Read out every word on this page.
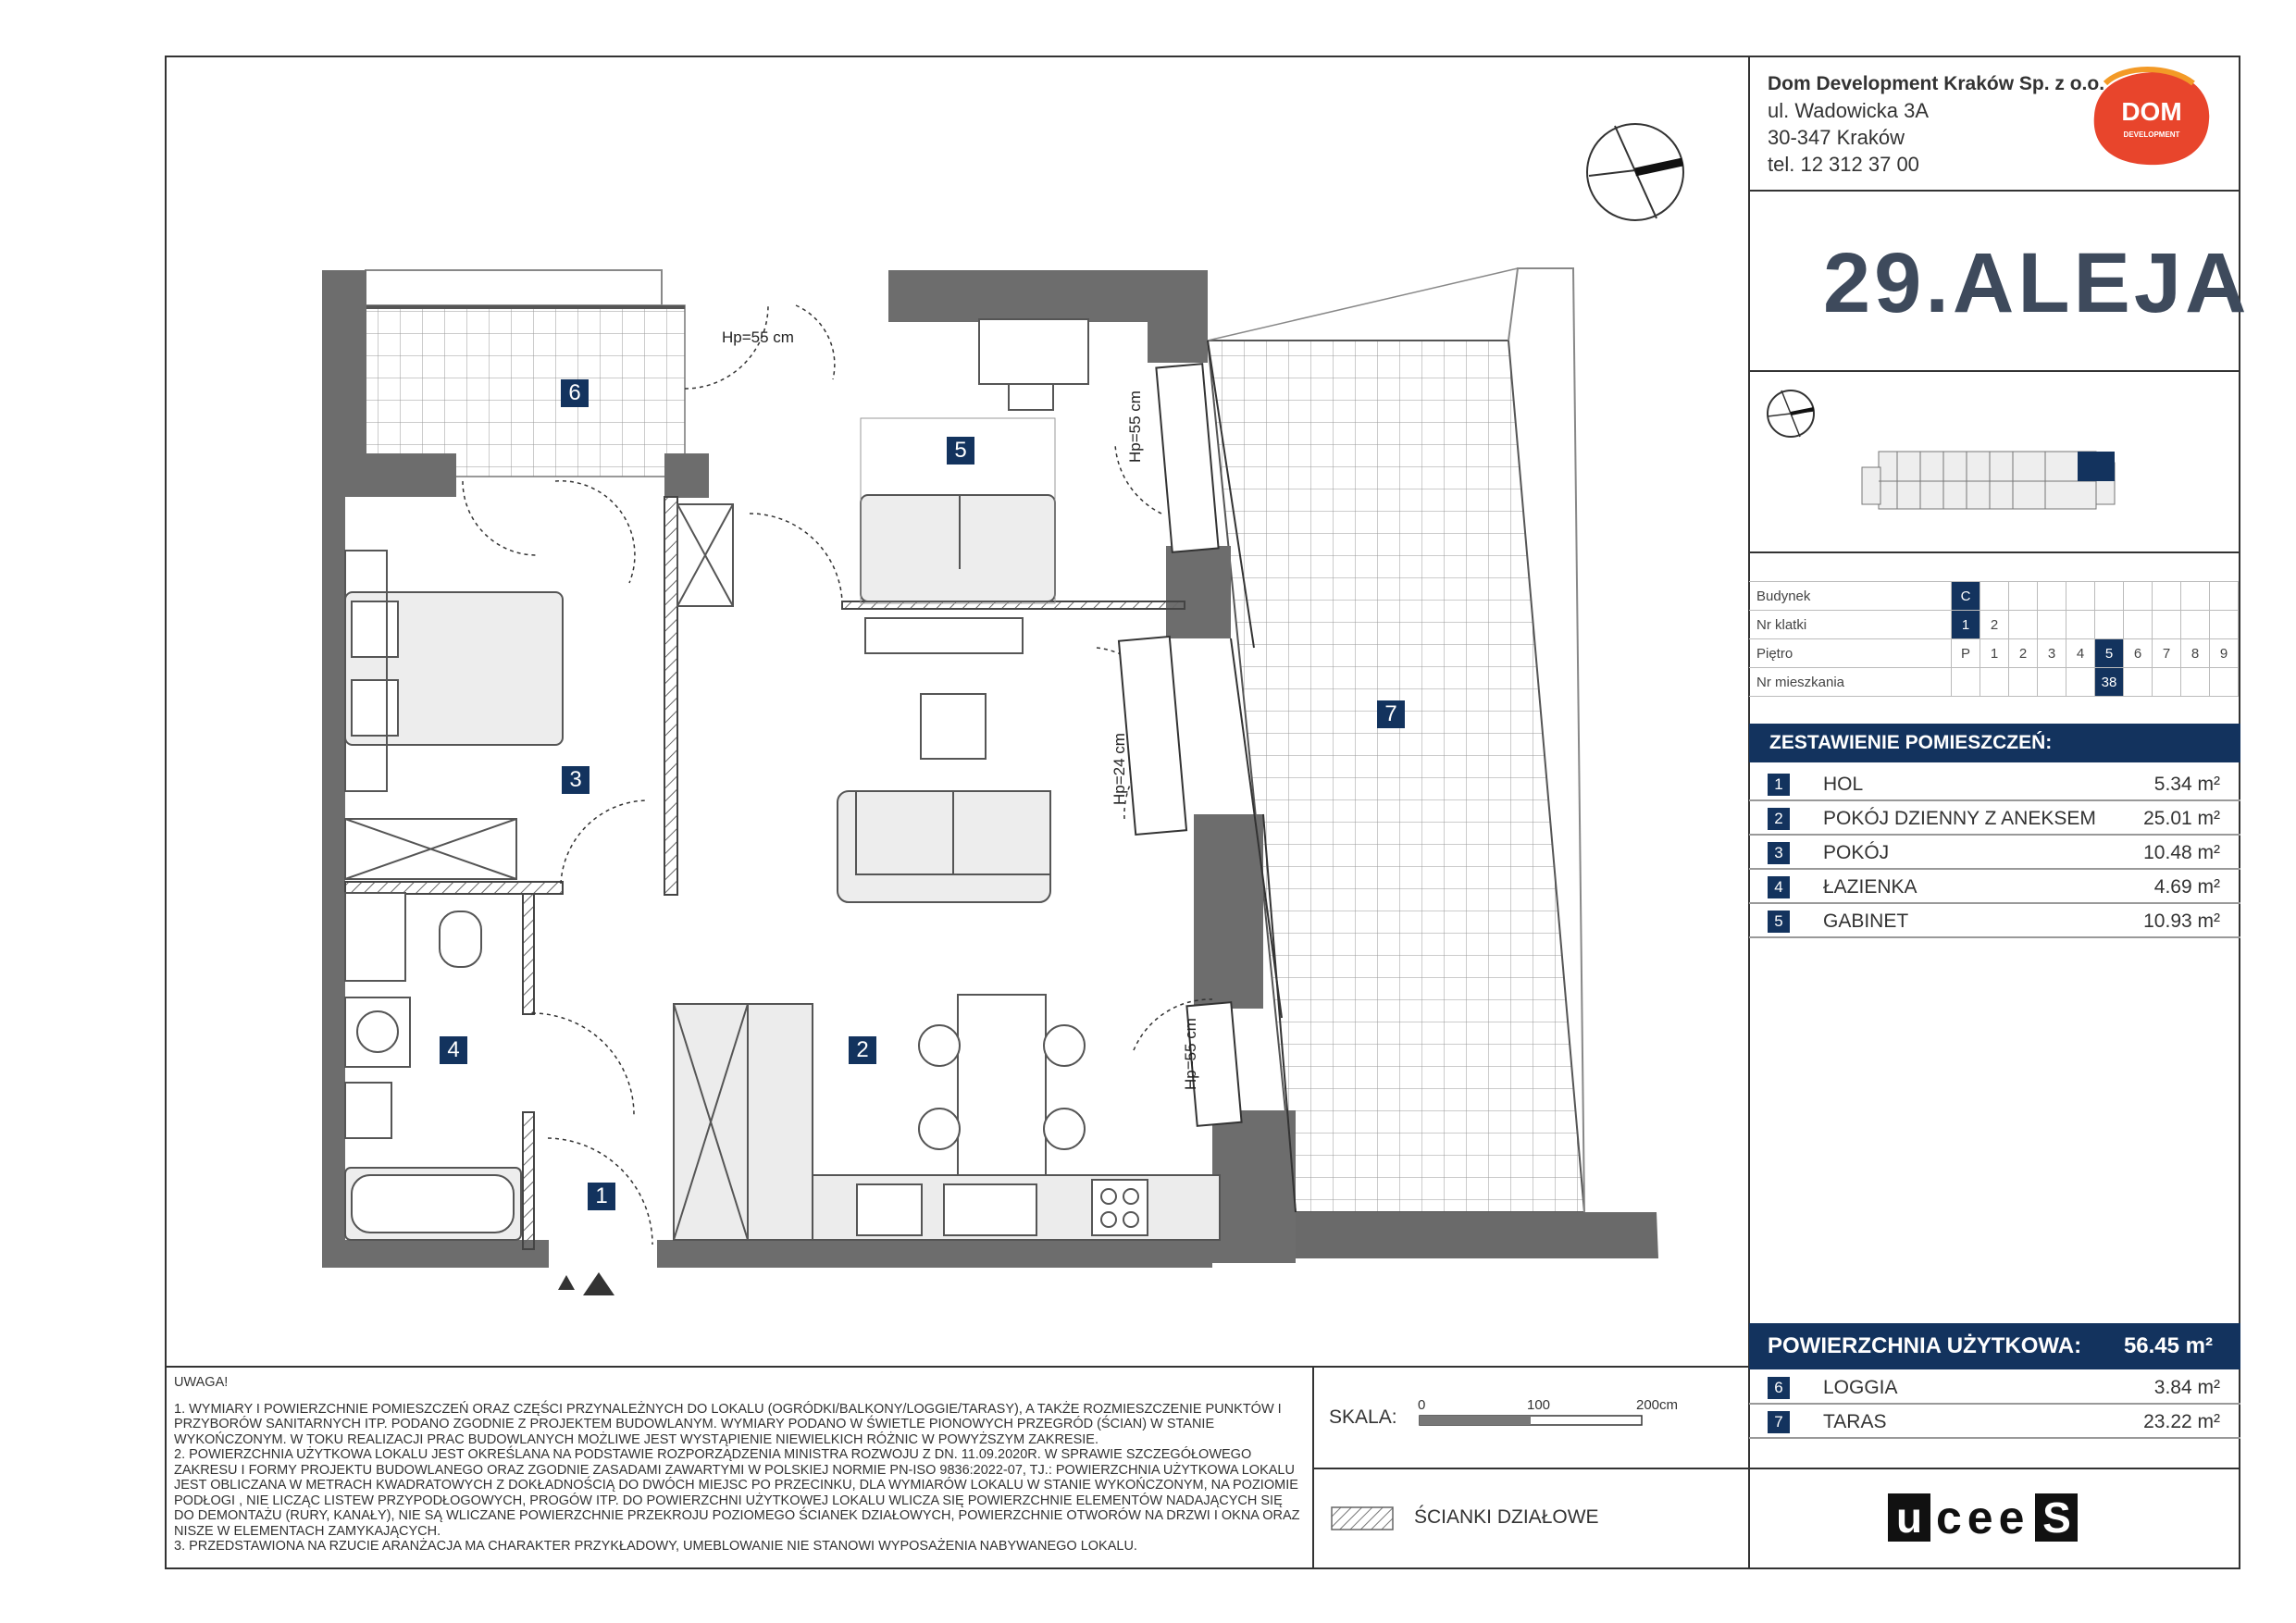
Hp=55 cm
Hp=55 cm
Hp=24 cm
Hp=55 cm
1
2
3
4
5
6
7
Dom Development Kraków Sp. z o.o.
ul. Wadowicka 3A
30-347 Kraków
tel. 12 312 37 00
DOM
DEVELOPMENT
29.ALEJA
Budynek	C									
Nr klatki	1	2								
Piętro	P	1	2	3	4	5	6	7	8	9
Nr mieszkania						38				
ZESTAWIENIE POMIESZCZEŃ:
1	HOL	5.34 m²
2	POKÓJ DZIENNY Z ANEKSEM 25.01 m²
3	POKÓJ	10.48 m²
4	ŁAZIENKA	4.69 m²
5	GABINET	10.93 m²
POWIERZCHNIA UŻYTKOWA: 56.45 m²
6	LOGGIA	3.84 m²
7	TARAS	23.22 m²
UWAGA!
1. WYMIARY I POWIERZCHNIE POMIESZCZEŃ ORAZ CZĘŚCI PRZYNALEŻNYCH DO LOKALU (OGRÓDKI/BALKONY/LOGGIE/TARASY), A TAKŻE ROZMIESZCZENIE PUNKTÓW I PRZYBORÓW SANITARNYCH ITP. PODANO ZGODNIE Z PROJEKTEM BUDOWLANYM. WYMIARY PODANO W ŚWIETLE PIONOWYCH PRZEGRÓD (ŚCIAN) W STANIE WYKOŃCZONYM. W TOKU REALIZACJI PRAC BUDOWLANYCH MOŻLIWE JEST WYSTĄPIENIE NIEWIELKICH RÓŻNIC W POWYŻSZYM ZAKRESIE.
2. POWIERZCHNIA UŻYTKOWA LOKALU JEST OKREŚLANA NA PODSTAWIE ROZPORZĄDZENIA MINISTRA ROZWOJU Z DN. 11.09.2020R. W SPRAWIE SZCZEGÓŁOWEGO ZAKRESU I FORMY PROJEKTU BUDOWLANEGO ORAZ ZGODNIE ZASADAMI ZAWARTYMI W POLSKIEJ NORMIE PN-ISO 9836:2022-07, TJ.: POWIERZCHNIA UŻYTKOWA LOKALU JEST OBLICZANA W METRACH KWADRATOWYCH Z DOKŁADNOŚCIĄ DO DWÓCH MIEJSC PO PRZECINKU, DLA WYMIARÓW LOKALU W STANIE WYKOŃCZONYM, NA POZIOMIE PODŁOGI , NIE LICZĄC LISTEW PRZYPODŁOGOWYCH, PROGÓW ITP. DO POWIERZCHNI UŻYTKOWEJ LOKALU WLICZA SIĘ POWIERZCHNIE ELEMENTÓW NADAJĄCYCH SIĘ DO DEMONTAŻU (RURY, KANAŁY), NIE SĄ WLICZANE POWIERZCHNIE PRZEKROJU POZIOMEGO ŚCIANEK DZIAŁOWYCH, POWIERZCHNIE OTWORÓW NA DRZWI I OKNA ORAZ NISZE W ELEMENTACH ZAMYKAJĄCYCH.
3. PRZEDSTAWIONA NA RZUCIE ARANŻACJA MA CHARAKTER PRZYKŁADOWY, UMEBLOWANIE NIE STANOWI WYPOSAŻENIA NABYWANEGO LOKALU.
SKALA:
0	100	200cm
ŚCIANKI DZIAŁOWE	u cee S
